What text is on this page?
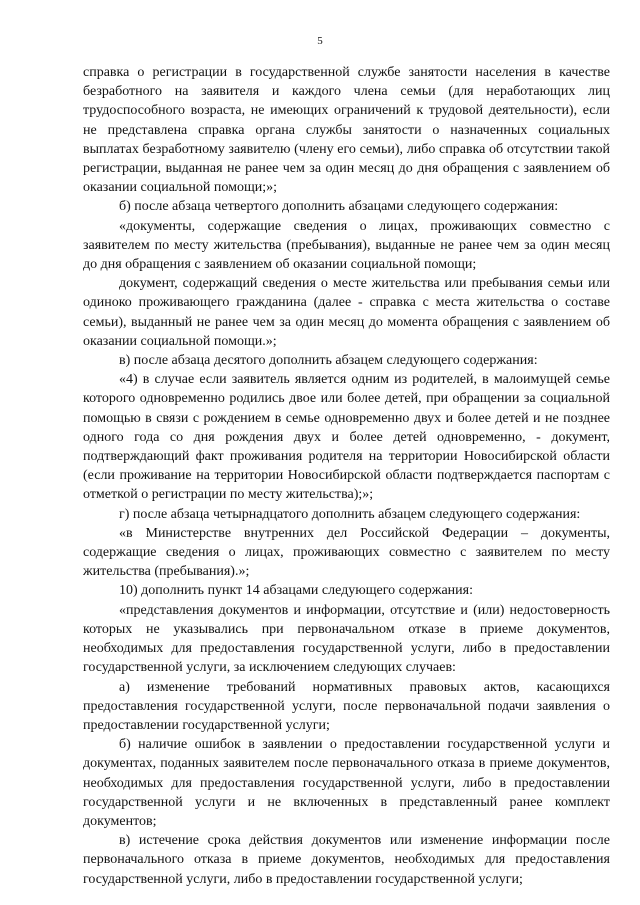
5

справка о регистрации в государственной службе занятости населения в качестве безработного на заявителя и каждого члена семьи (для неработающих лиц трудоспособного возраста, не имеющих ограничений к трудовой деятельности), если не представлена справка органа службы занятости о назначенных социальных выплатах безработному заявителю (члену его семьи), либо справка об отсутствии такой регистрации, выданная не ранее чем за один месяц до дня обращения с заявлением об оказании социальной помощи;»;

б) после абзаца четвертого дополнить абзацами следующего содержания:

«документы, содержащие сведения о лицах, проживающих совместно с заявителем по месту жительства (пребывания), выданные не ранее чем за один месяц до дня обращения с заявлением об оказании социальной помощи;

документ, содержащий сведения о месте жительства или пребывания семьи или одиноко проживающего гражданина (далее - справка с места жительства о составе семьи), выданный не ранее чем за один месяц до момента обращения с заявлением об оказании социальной помощи.»;

в) после абзаца десятого дополнить абзацем следующего содержания:

«4) в случае если заявитель является одним из родителей, в малоимущей семье которого одновременно родились двое или более детей, при обращении за социальной помощью в связи с рождением в семье одновременно двух и более детей и не позднее одного года со дня рождения двух и более детей одновременно, - документ, подтверждающий факт проживания родителя на территории Новосибирской области (если проживание на территории Новосибирской области подтверждается паспортам с отметкой о регистрации по месту жительства);»;

г) после абзаца четырнадцатого дополнить абзацем следующего содержания:

«в Министерстве внутренних дел Российской Федерации – документы, содержащие сведения о лицах, проживающих совместно с заявителем по месту жительства (пребывания).»;

10) дополнить пункт 14 абзацами следующего содержания:

«представления документов и информации, отсутствие и (или) недостоверность которых не указывались при первоначальном отказе в приеме документов, необходимых для предоставления государственной услуги, либо в предоставлении государственной услуги, за исключением следующих случаев:

а) изменение требований нормативных правовых актов, касающихся предоставления государственной услуги, после первоначальной подачи заявления о предоставлении государственной услуги;

б) наличие ошибок в заявлении о предоставлении государственной услуги и документах, поданных заявителем после первоначального отказа в приеме документов, необходимых для предоставления государственной услуги, либо в предоставлении государственной услуги и не включенных в представленный ранее комплект документов;

в) истечение срока действия документов или изменение информации после первоначального отказа в приеме документов, необходимых для предоставления государственной услуги, либо в предоставлении государственной услуги;
